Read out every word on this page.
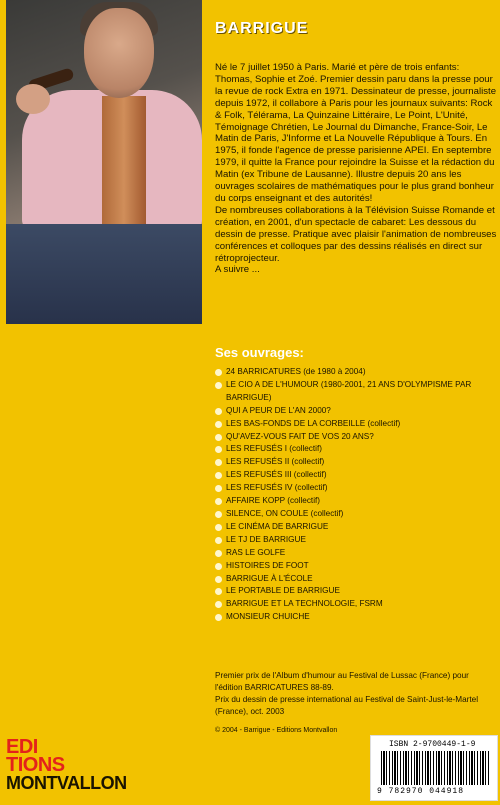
BARRIGUE

Né le 7 juillet 1950 à Paris. Marié et père de trois enfants: Thomas, Sophie et Zoé. Premier dessin paru dans la presse pour la revue de rock Extra en 1971. Dessinateur de presse, journaliste depuis 1972, il collabore à Paris pour les journaux suivants: Rock & Folk, Télérama, La Quinzaine Littéraire, Le Point, L'Unité, Témoignage Chrétien, Le Journal du Dimanche, France-Soir, Le Matin de Paris, J'Informe et La Nouvelle République à Tours. En 1975, il fonde l'agence de presse parisienne APEI. En septembre 1979, il quitte la France pour rejoindre la Suisse et la rédaction du Matin (ex Tribune de Lausanne). Illustre depuis 20 ans les ouvrages scolaires de mathématiques pour le plus grand bonheur du corps enseignant et des autorités!

De nombreuses collaborations à la Télévision Suisse Romande et création, en 2001, d'un spectacle de cabaret: Les dessous du dessin de presse. Pratique avec plaisir l'animation de nombreuses conférences et colloques par des dessins réalisés en direct sur rétroprojecteur.

A suivre ...

Ses ouvrages:
24 BARRICATURES (de 1980 à 2004)
LE CIO A DE L'HUMOUR (1980-2001, 21 ANS D'OLYMPISME PAR BARRIGUE)
QUI A PEUR DE L'AN 2000?
LES BAS-FONDS DE LA CORBEILLE (collectif)
QU'AVEZ-VOUS FAIT DE VOS 20 ANS?
LES REFUSÉS I (collectif)
LES REFUSÉS II (collectif)
LES REFUSÉS III (collectif)
LES REFUSÉS IV (collectif)
AFFAIRE KOPP (collectif)
SILENCE, ON COULE (collectif)
LE CINÉMA DE BARRIGUE
LE TJ DE BARRIGUE
RAS LE GOLFE
HISTOIRES DE FOOT
BARRIGUE À L'ÉCOLE
LE PORTABLE DE BARRIGUE
BARRIGUE ET LA TECHNOLOGIE, FSRM
MONSIEUR CHUICHE

Premier prix de l'Album d'humour au Festival de Lussac (France) pour l'édition BARRICATURES 88-89.

Prix du dessin de presse international au Festival de Saint-Just-le-Martel (France), oct. 2003

© 2004 - Barrigue - Editions Montvallon
EDI
TIONS
MONTVALLON
ISBN 2-9700449-1-9
9 782970 044918
